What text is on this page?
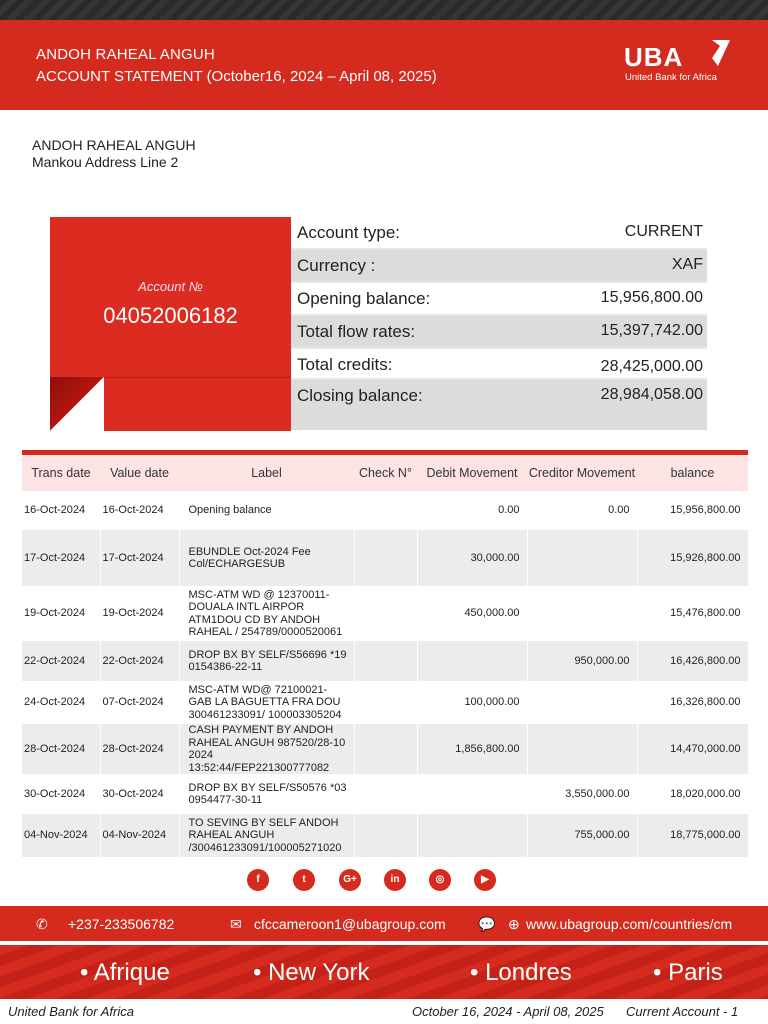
ANDOH RAHEAL ANGUH
ACCOUNT STATEMENT (October16, 2024 – April 08, 2025)
UBA
United Bank for Africa
ANDOH RAHEAL ANGUH
Mankou Address Line 2
Account №
04052006182
Account type:	CURRENT
Currency :	XAF
Opening balance:	15,956,800.00
Total flow rates:	15,397,742.00
Total credits:	28,425,000.00
Closing balance:	28,984,058.00
Trans date	Value date	Label	Check N°	Debit Movement	Creditor Movement	balance
16-Oct-2024	16-Oct-2024	Opening balance		0.00	0.00	15,956,800.00
17-Oct-2024	17-Oct-2024	EBUNDLE Oct-2024 Fee Col/ECHARGESUB		30,000.00		15,926,800.00
19-Oct-2024	19-Oct-2024	MSC-ATM WD @ 12370011-DOUALA INTL AIRPOR ATM1DOU CD BY ANDOH RAHEAL / 254789/0000520061		450,000.00		15,476,800.00
22-Oct-2024	22-Oct-2024	DROP BX BY SELF/S56696 *19 0154386-22-11			950,000.00	16,426,800.00
24-Oct-2024	07-Oct-2024	MSC-ATM WD@ 72100021-GAB LA BAGUETTA FRA DOU 300461233091/ 100003305204		100,000.00		16,326,800.00
28-Oct-2024	28-Oct-2024	CASH PAYMENT BY ANDOH RAHEAL ANGUH 987520/28-10 2024 13:52:44/FEP221300777082		1,856,800.00		14,470,000.00
30-Oct-2024	30-Oct-2024	DROP BX BY SELF/S50576 *03 0954477-30-11			3,550,000.00	18,020,000.00
04-Nov-2024	04-Nov-2024	TO SEVING BY SELF ANDOH RAHEAL ANGUH /300461233091/100005271020			755,000.00	18,775,000.00
f	t	G+	in	◎	▶
✆ +237-233506782	✉ cfccameroon1@ubagroup.com 💬 ⊕ www.ubagroup.com/countries/cm
• Afrique	• New York	• Londres	• Paris
United Bank for Africa	October 16, 2024 - April 08, 2025 Current Account - 1
